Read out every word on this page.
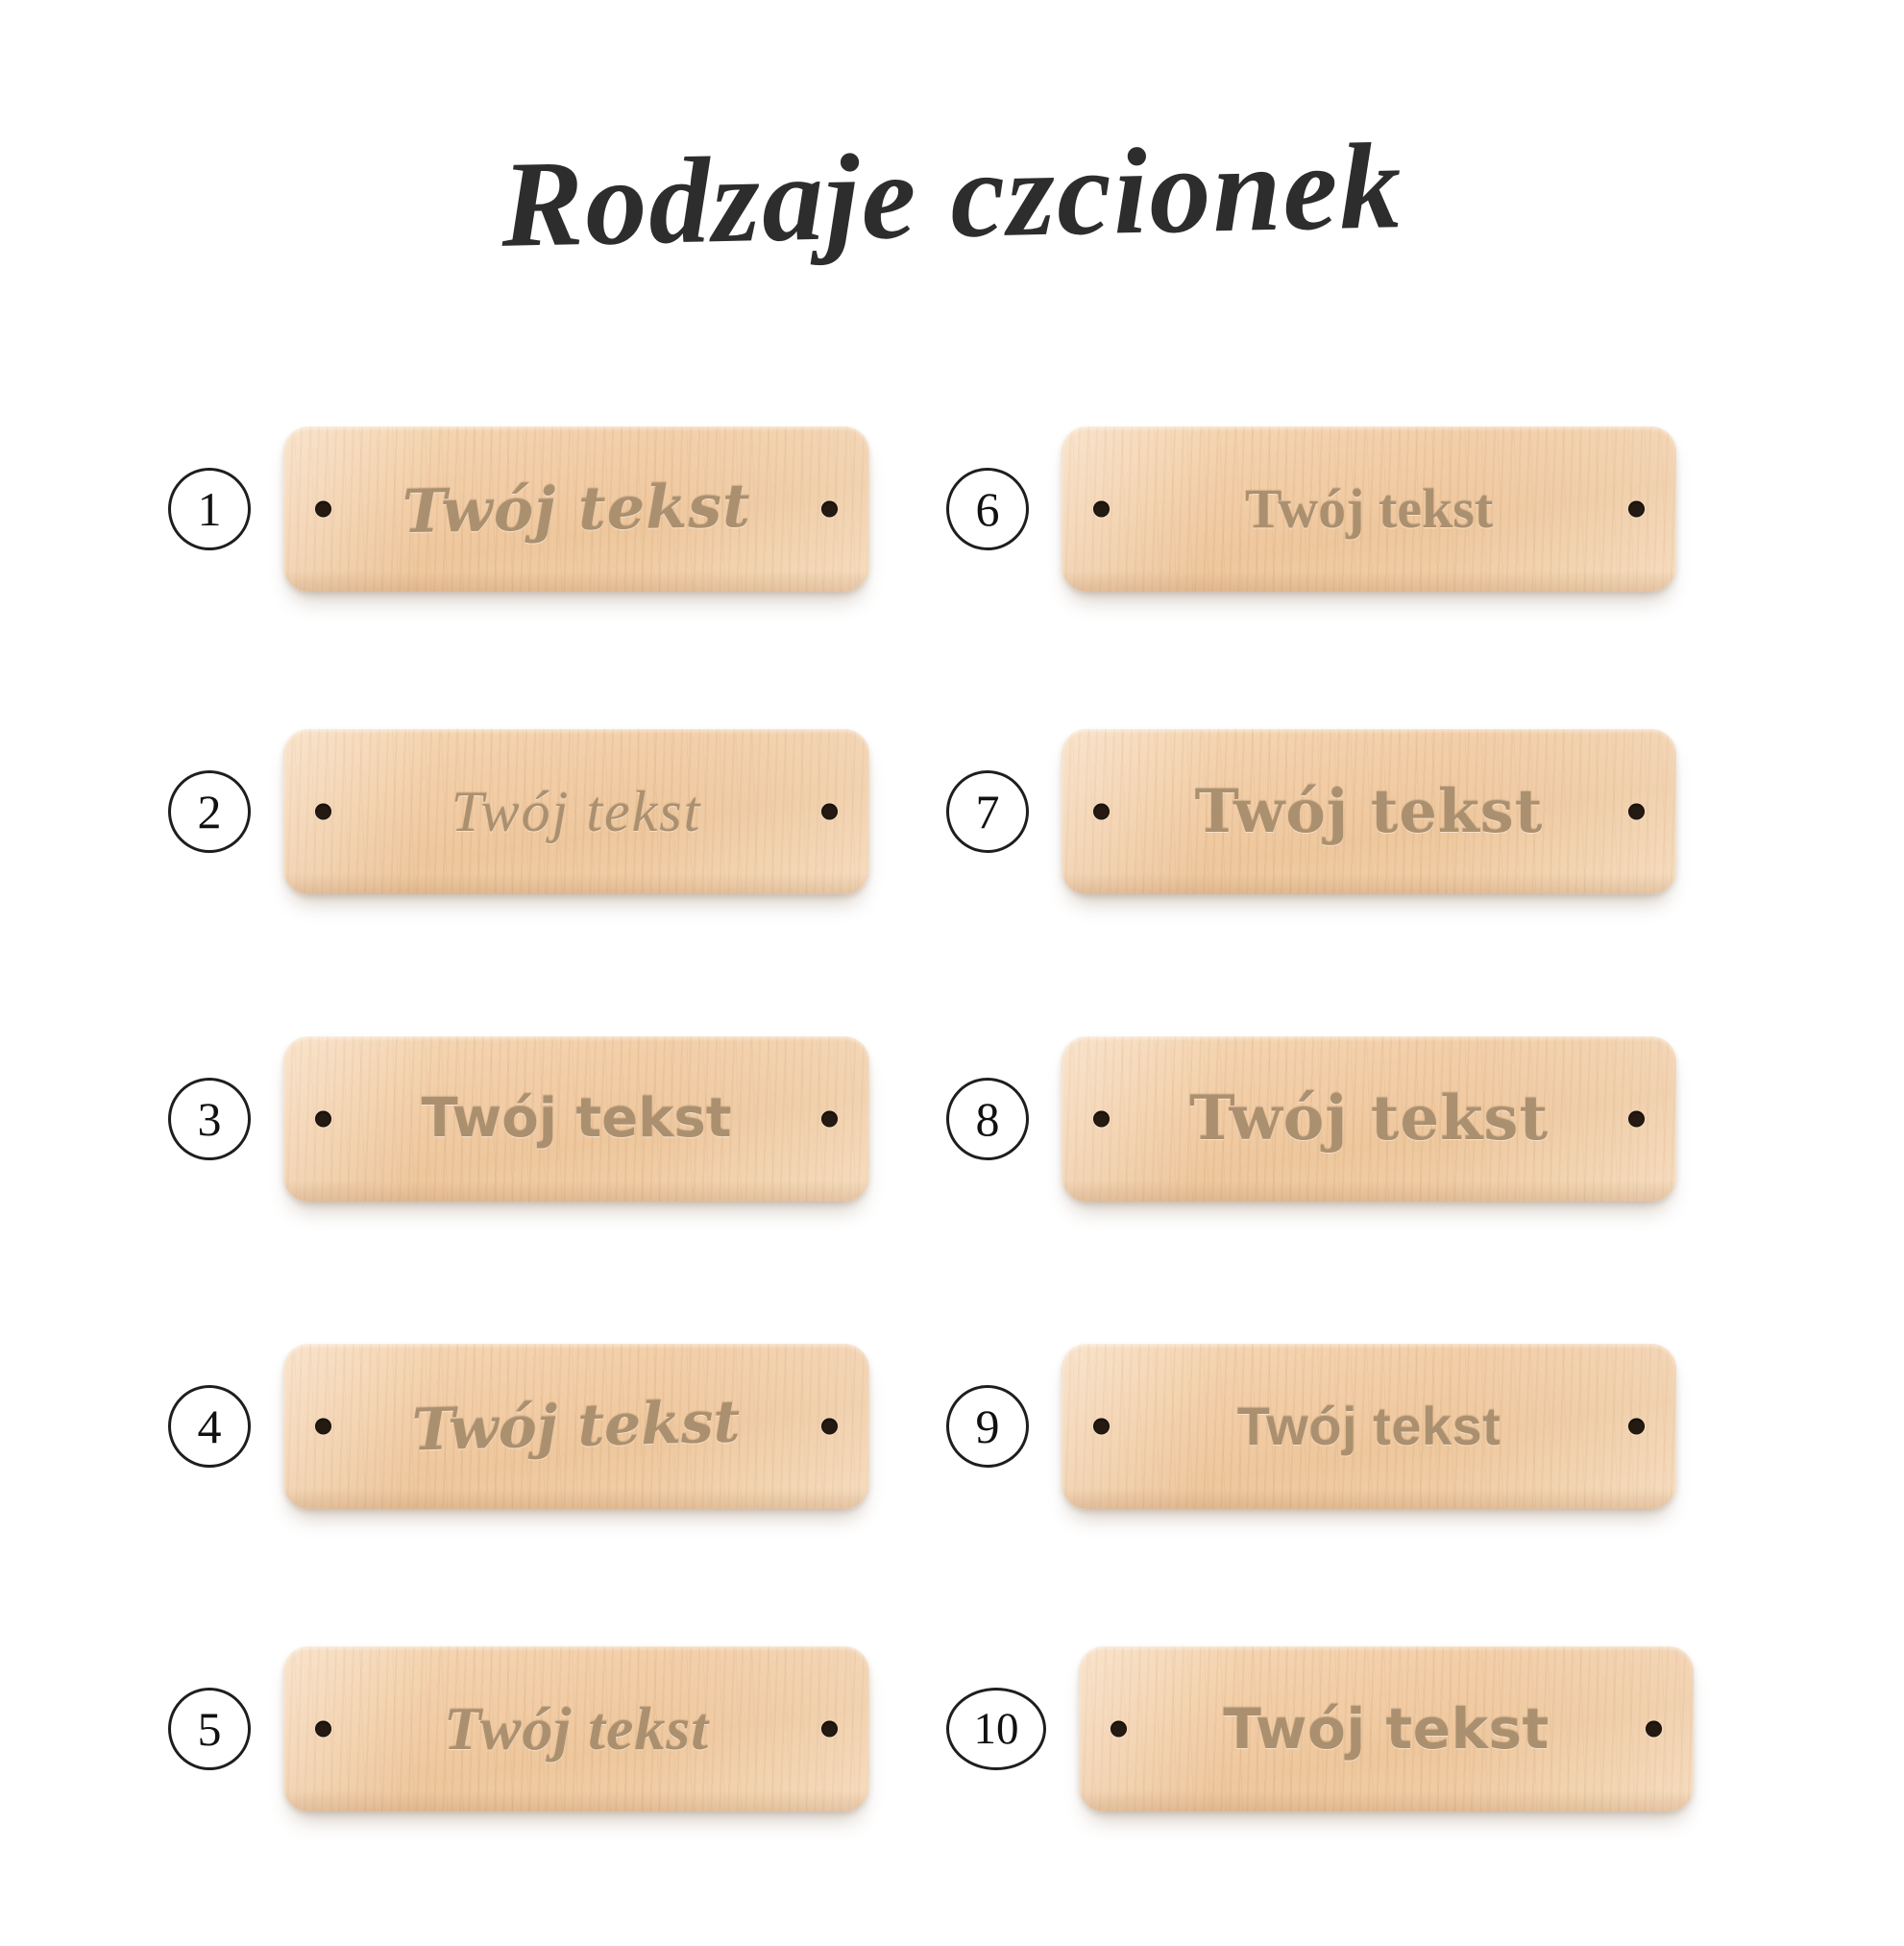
Rodzaje czcionek
1	Twój tekst
2	Twój tekst
3	Twój tekst
4	Twój tekst
5	Twój tekst
6	Twój tekst
7	Twój tekst
8	Twój tekst
9	Twój tekst
10	Twój tekst
